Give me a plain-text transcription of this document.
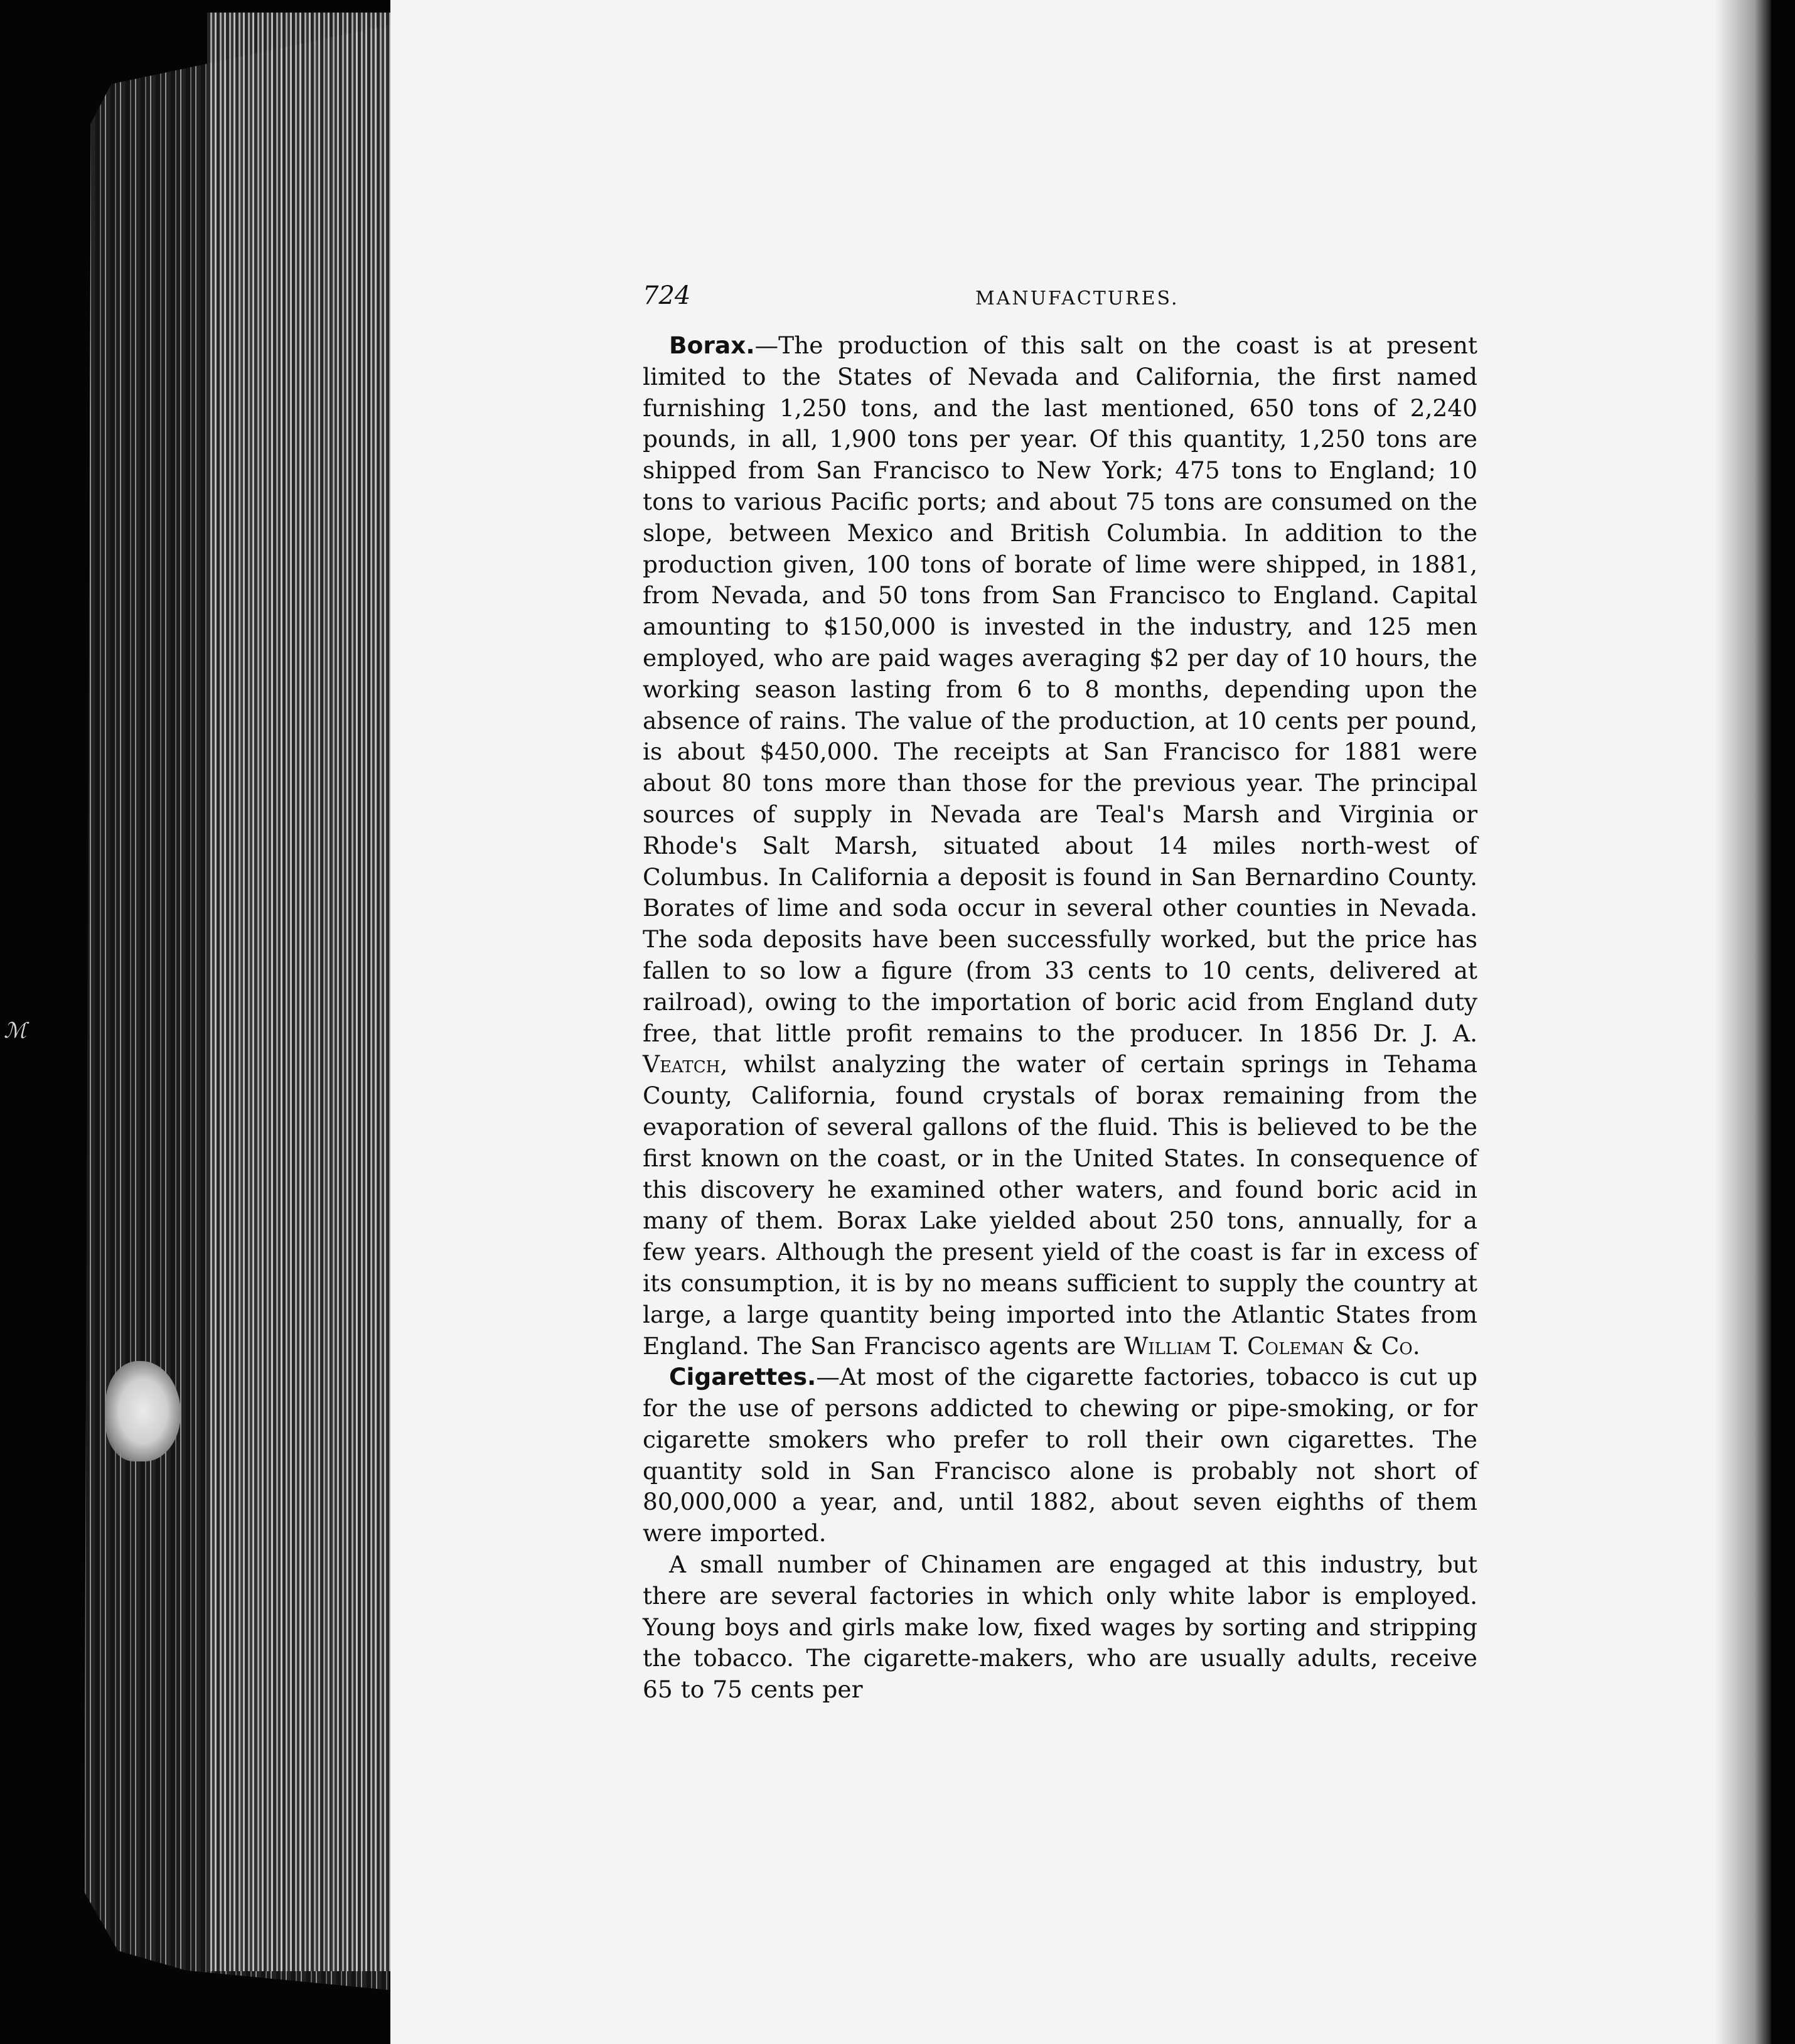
ℳ
724	MANUFACTURES.

Borax.—The production of this salt on the coast is at present limited to the States of Nevada and California, the first named furnishing 1,250 tons, and the last mentioned, 650 tons of 2,240 pounds, in all, 1,900 tons per year. Of this quantity, 1,250 tons are shipped from San Francisco to New York; 475 tons to England; 10 tons to various Pacific ports; and about 75 tons are consumed on the slope, between Mexico and British Columbia. In addition to the production given, 100 tons of borate of lime were shipped, in 1881, from Nevada, and 50 tons from San Francisco to England. Capital amounting to $150,000 is invested in the industry, and 125 men employed, who are paid wages averaging $2 per day of 10 hours, the working season lasting from 6 to 8 months, depending upon the absence of rains. The value of the production, at 10 cents per pound, is about $450,000. The receipts at San Francisco for 1881 were about 80 tons more than those for the previous year. The principal sources of supply in Nevada are Teal's Marsh and Virginia or Rhode's Salt Marsh, situated about 14 miles north-west of Columbus. In California a deposit is found in San Bernardino County. Borates of lime and soda occur in several other counties in Nevada. The soda deposits have been successfully worked, but the price has fallen to so low a figure (from 33 cents to 10 cents, delivered at railroad), owing to the importation of boric acid from England duty free, that little profit remains to the producer. In 1856 Dr. J. A. Veatch, whilst analyzing the water of certain springs in Tehama County, California, found crystals of borax remaining from the evaporation of several gallons of the fluid. This is believed to be the first known on the coast, or in the United States. In consequence of this discovery he examined other waters, and found boric acid in many of them. Borax Lake yielded about 250 tons, annually, for a few years. Although the present yield of the coast is far in excess of its consumption, it is by no means sufficient to supply the country at large, a large quantity being imported into the Atlantic States from England. The San Francisco agents are William T. Coleman & Co.

Cigarettes.—At most of the cigarette factories, tobacco is cut up for the use of persons addicted to chewing or pipe-smoking, or for cigarette smokers who prefer to roll their own cigarettes. The quantity sold in San Francisco alone is probably not short of 80,000,000 a year, and, until 1882, about seven eighths of them were imported.

A small number of Chinamen are engaged at this industry, but there are several factories in which only white labor is employed. Young boys and girls make low, fixed wages by sorting and stripping the tobacco. The cigarette-makers, who are usually adults, receive 65 to 75 cents per
